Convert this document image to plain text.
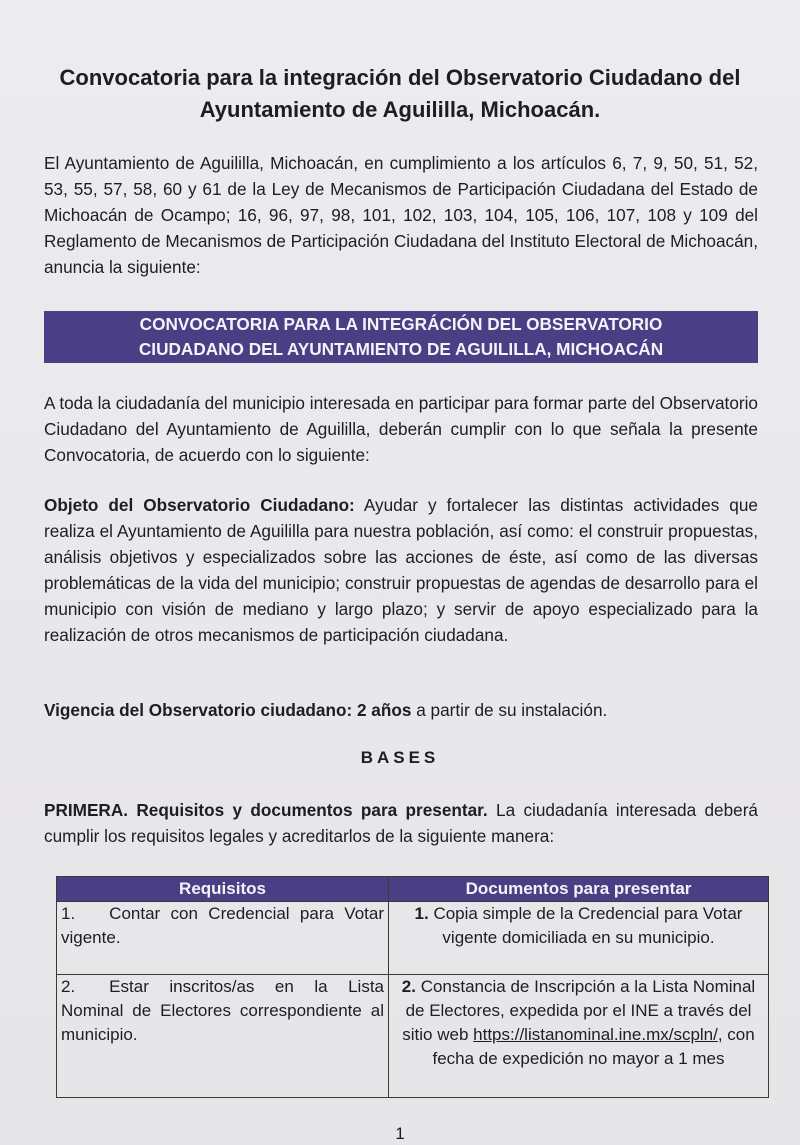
Convocatoria para la integración del Observatorio Ciudadano del Ayuntamiento de Aguililla, Michoacán.
El Ayuntamiento de Aguililla, Michoacán, en cumplimiento a los artículos 6, 7, 9, 50, 51, 52, 53, 55, 57, 58, 60 y 61 de la Ley de Mecanismos de Participación Ciudadana del Estado de Michoacán de Ocampo; 16, 96, 97, 98, 101, 102, 103, 104, 105, 106, 107, 108 y 109 del Reglamento de Mecanismos de Participación Ciudadana del Instituto Electoral de Michoacán, anuncia la siguiente:
CONVOCATORIA PARA LA INTEGRÁCIÓN DEL OBSERVATORIO
CIUDADANO DEL AYUNTAMIENTO DE AGUILILLA, MICHOACÁN
A toda la ciudadanía del municipio interesada en participar para formar parte del Observatorio Ciudadano del Ayuntamiento de Aguililla, deberán cumplir con lo que señala la presente Convocatoria, de acuerdo con lo siguiente:
Objeto del Observatorio Ciudadano: Ayudar y fortalecer las distintas actividades que realiza el Ayuntamiento de Aguililla para nuestra población, así como: el construir propuestas, análisis objetivos y especializados sobre las acciones de éste, así como de las diversas problemáticas de la vida del municipio; construir propuestas de agendas de desarrollo para el municipio con visión de mediano y largo plazo; y servir de apoyo especializado para la realización de otros mecanismos de participación ciudadana.
Vigencia del Observatorio ciudadano: 2 años a partir de su instalación.
BASES
PRIMERA. Requisitos y documentos para presentar. La ciudadanía interesada deberá cumplir los requisitos legales y acreditarlos de la siguiente manera:
Requisitos	Documentos para presentar
1.  Contar con Credencial para Votar vigente.	1. Copia simple de la Credencial para Votar vigente domiciliada en su municipio.
2.  Estar inscritos/as en la Lista Nominal de Electores correspondiente al municipio.	2. Constancia de Inscripción a la Lista Nominal de Electores, expedida por el INE a través del sitio web https://listanominal.ine.mx/scpln/, con fecha de expedición no mayor a 1 mes
1
